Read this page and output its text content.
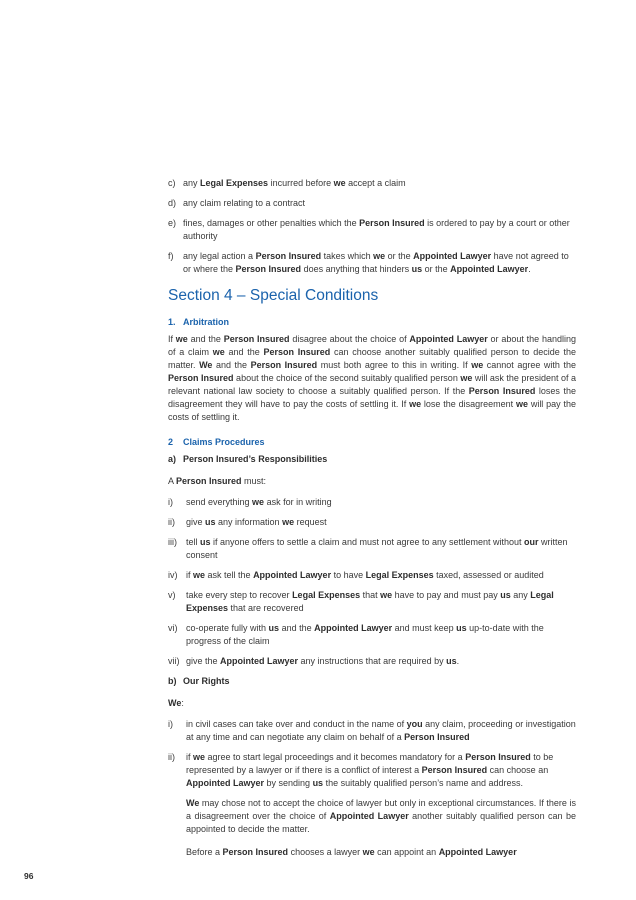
c) any Legal Expenses incurred before we accept a claim
d) any claim relating to a contract
e) fines, damages or other penalties which the Person Insured is ordered to pay by a court or other authority
f)	any legal action a Person Insured takes which we or the Appointed Lawyer have not agreed to or where the Person Insured does anything that hinders us or the Appointed Lawyer.
Section 4 – Special Conditions
1. Arbitration
If we and the Person Insured disagree about the choice of Appointed Lawyer or about the handling of a claim we and the Person Insured can choose another suitably qualified person to decide the matter. We and the Person Insured must both agree to this in writing. If we cannot agree with the Person Insured about the choice of the second suitably qualified person we will ask the president of a relevant national law society to choose a suitably qualified person. If the Person Insured loses the disagreement they will have to pay the costs of settling it. If we lose the disagreement we will pay the costs of settling it.
2	Claims Procedures
a) Person Insured’s Responsibilities
A Person Insured must:
i)	send everything we ask for in writing
ii)	give us any information we request
iii)	tell us if anyone offers to settle a claim and must not agree to any settlement without our written consent
iv) if we ask tell the Appointed Lawyer to have Legal Expenses taxed, assessed or audited
v)	take every step to recover Legal Expenses that we have to pay and must pay us any Legal Expenses that are recovered
vi) co-operate fully with us and the Appointed Lawyer and must keep us up-to-date with the progress of the claim
vii) give the Appointed Lawyer any instructions that are required by us.
b) Our Rights
We:
i)	in civil cases can take over and conduct in the name of you any claim, proceeding or investigation at any time and can negotiate any claim on behalf of a Person Insured
ii)	if we agree to start legal proceedings and it becomes mandatory for a Person Insured to be represented by a lawyer or if there is a conflict of interest a Person Insured can choose an Appointed Lawyer by sending us the suitably qualified person’s name and address.
We may chose not to accept the choice of lawyer but only in exceptional circumstances. If there is a disagreement over the choice of Appointed Lawyer another suitably qualified person can be appointed to decide the matter.
Before a Person Insured chooses a lawyer we can appoint an Appointed Lawyer
96
